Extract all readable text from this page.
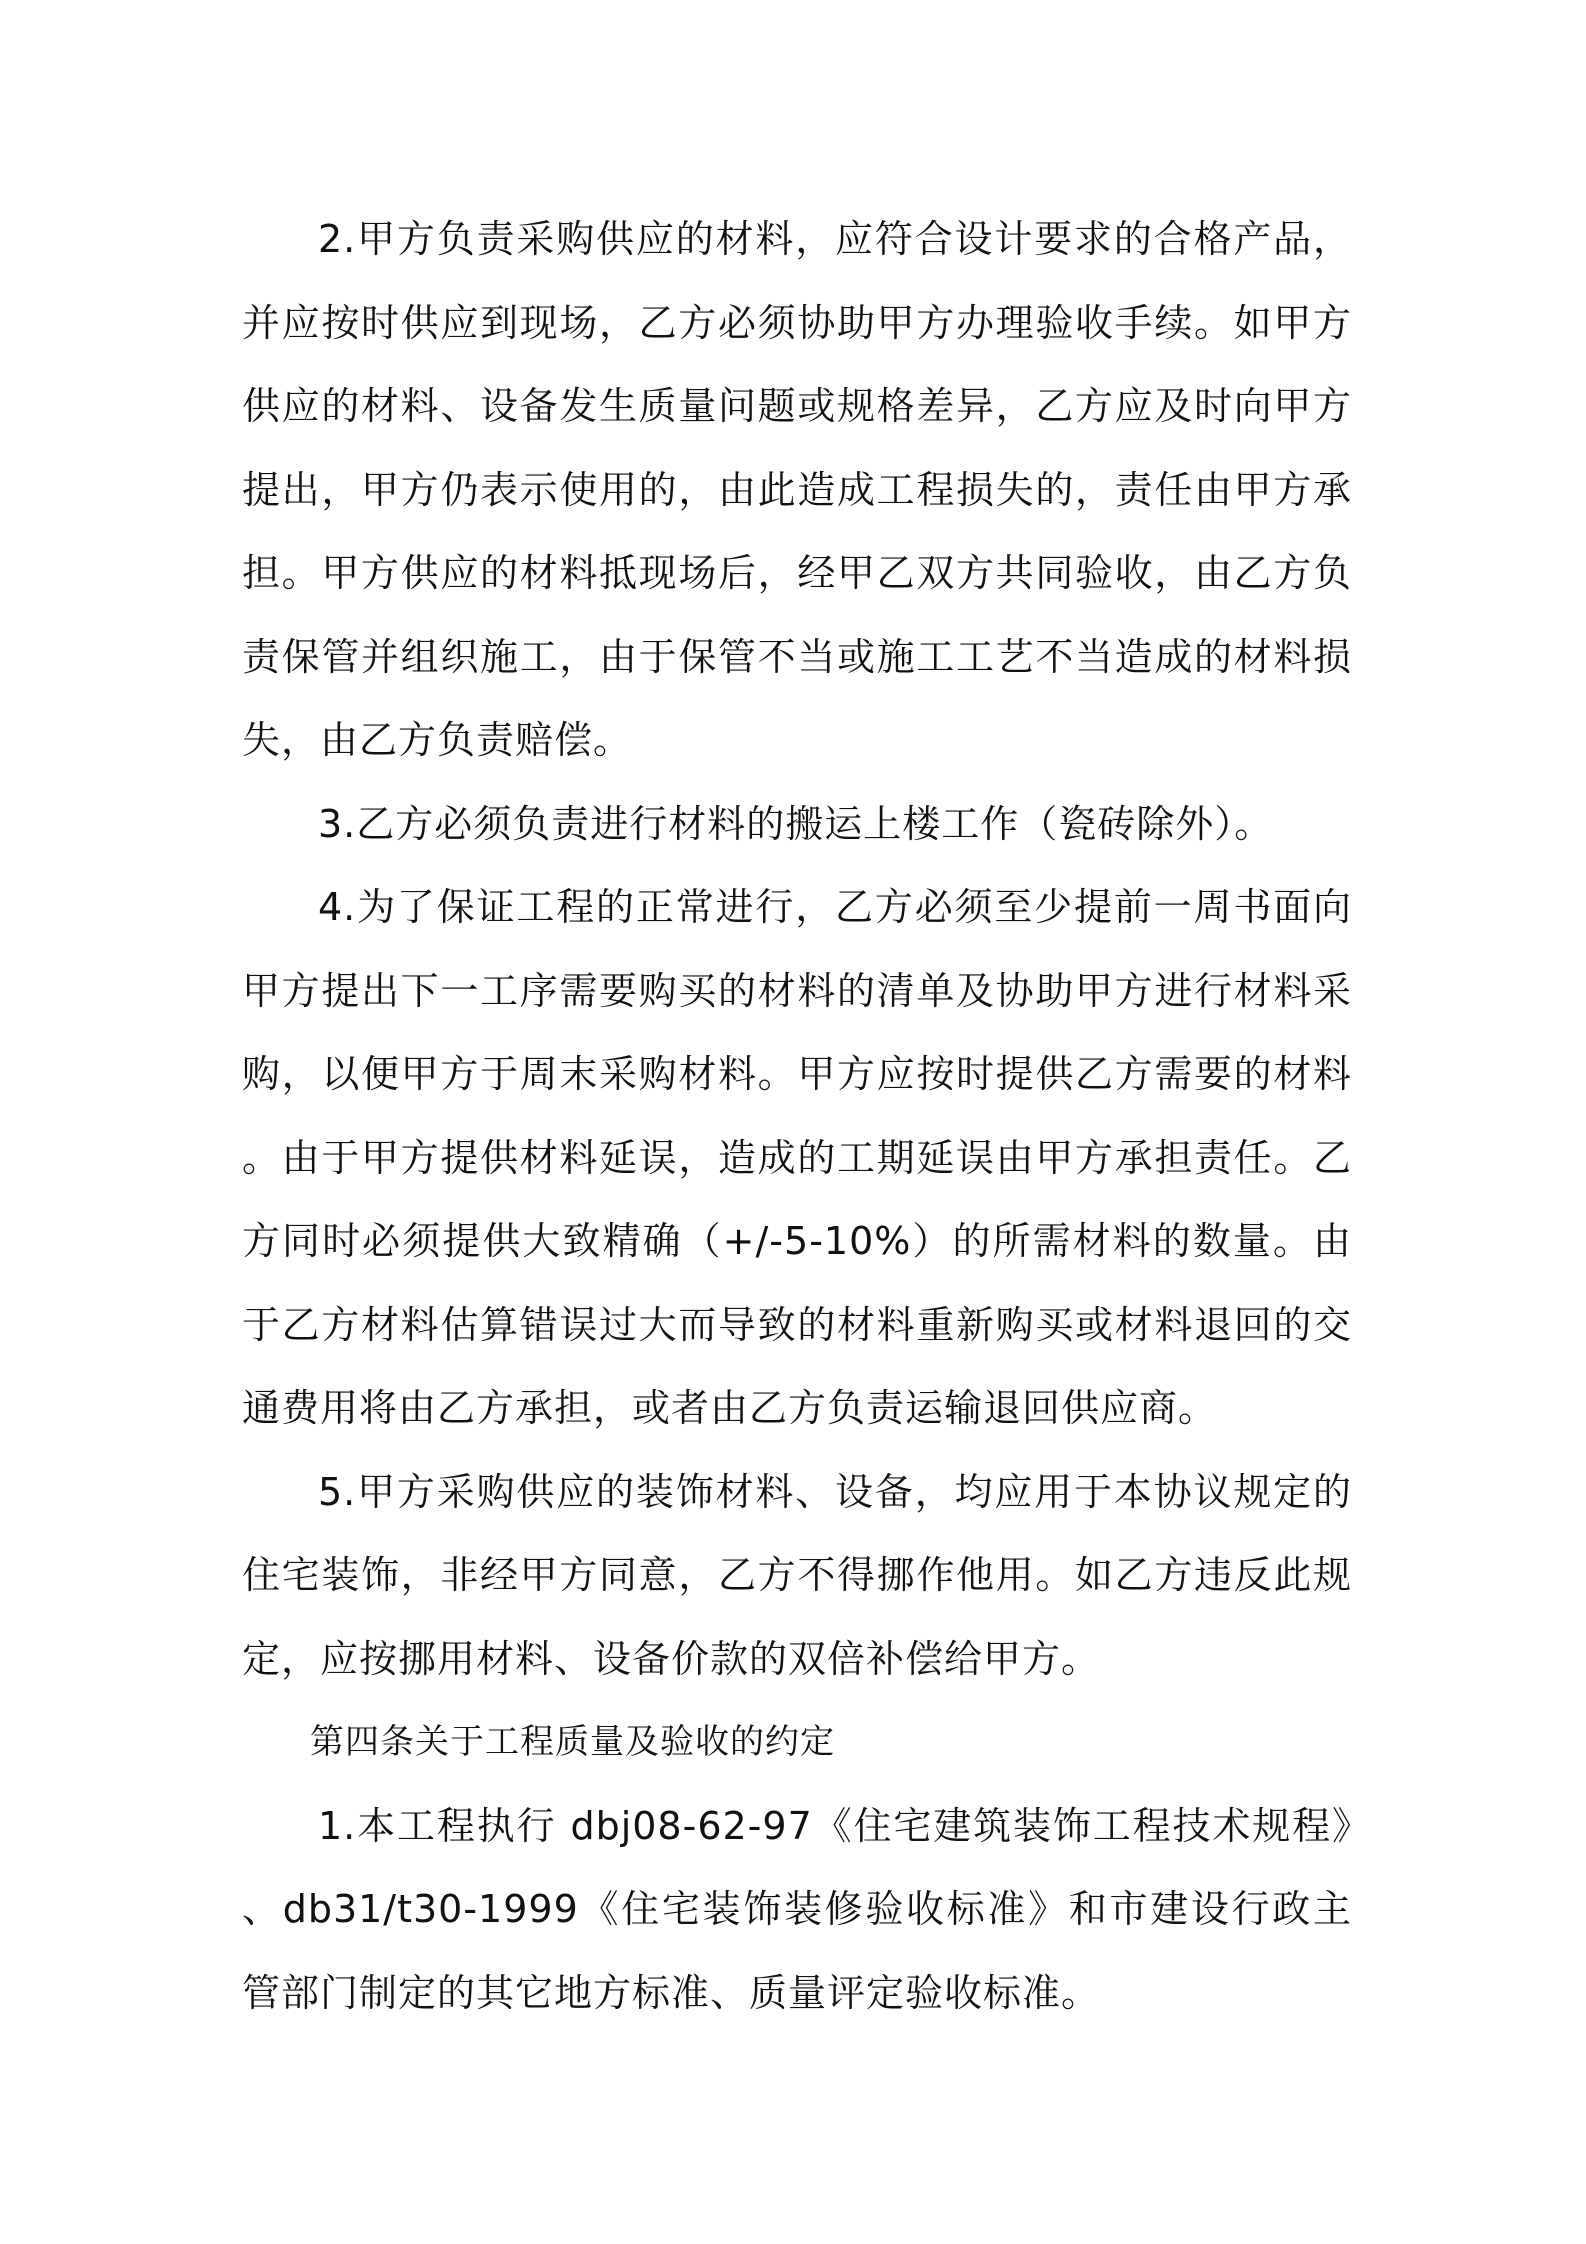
2.甲方负责采购供应的材料，应符合设计要求的合格产品，并应按时供应到现场，乙方必须协助甲方办理验收手续。如甲方供应的材料、设备发生质量问题或规格差异，乙方应及时向甲方提出，甲方仍表示使用的，由此造成工程损失的，责任由甲方承担。甲方供应的材料抵现场后，经甲乙双方共同验收，由乙方负责保管并组织施工，由于保管不当或施工工艺不当造成的材料损失，由乙方负责赔偿。

3.乙方必须负责进行材料的搬运上楼工作（瓷砖除外）。

4.为了保证工程的正常进行，乙方必须至少提前一周书面向甲方提出下一工序需要购买的材料的清单及协助甲方进行材料采购，以便甲方于周末采购材料。甲方应按时提供乙方需要的材料。由于甲方提供材料延误，造成的工期延误由甲方承担责任。乙方同时必须提供大致精确（+/-5-10%）的所需材料的数量。由于乙方材料估算错误过大而导致的材料重新购买或材料退回的交通费用将由乙方承担，或者由乙方负责运输退回供应商。

5.甲方采购供应的装饰材料、设备，均应用于本协议规定的住宅装饰，非经甲方同意，乙方不得挪作他用。如乙方违反此规定，应按挪用材料、设备价款的双倍补偿给甲方。

第四条关于工程质量及验收的约定

1.本工程执行 dbj08-62-97《住宅建筑装饰工程技术规程》、db31/t30-1999《住宅装饰装修验收标准》和市建设行政主管部门制定的其它地方标准、质量评定验收标准。
